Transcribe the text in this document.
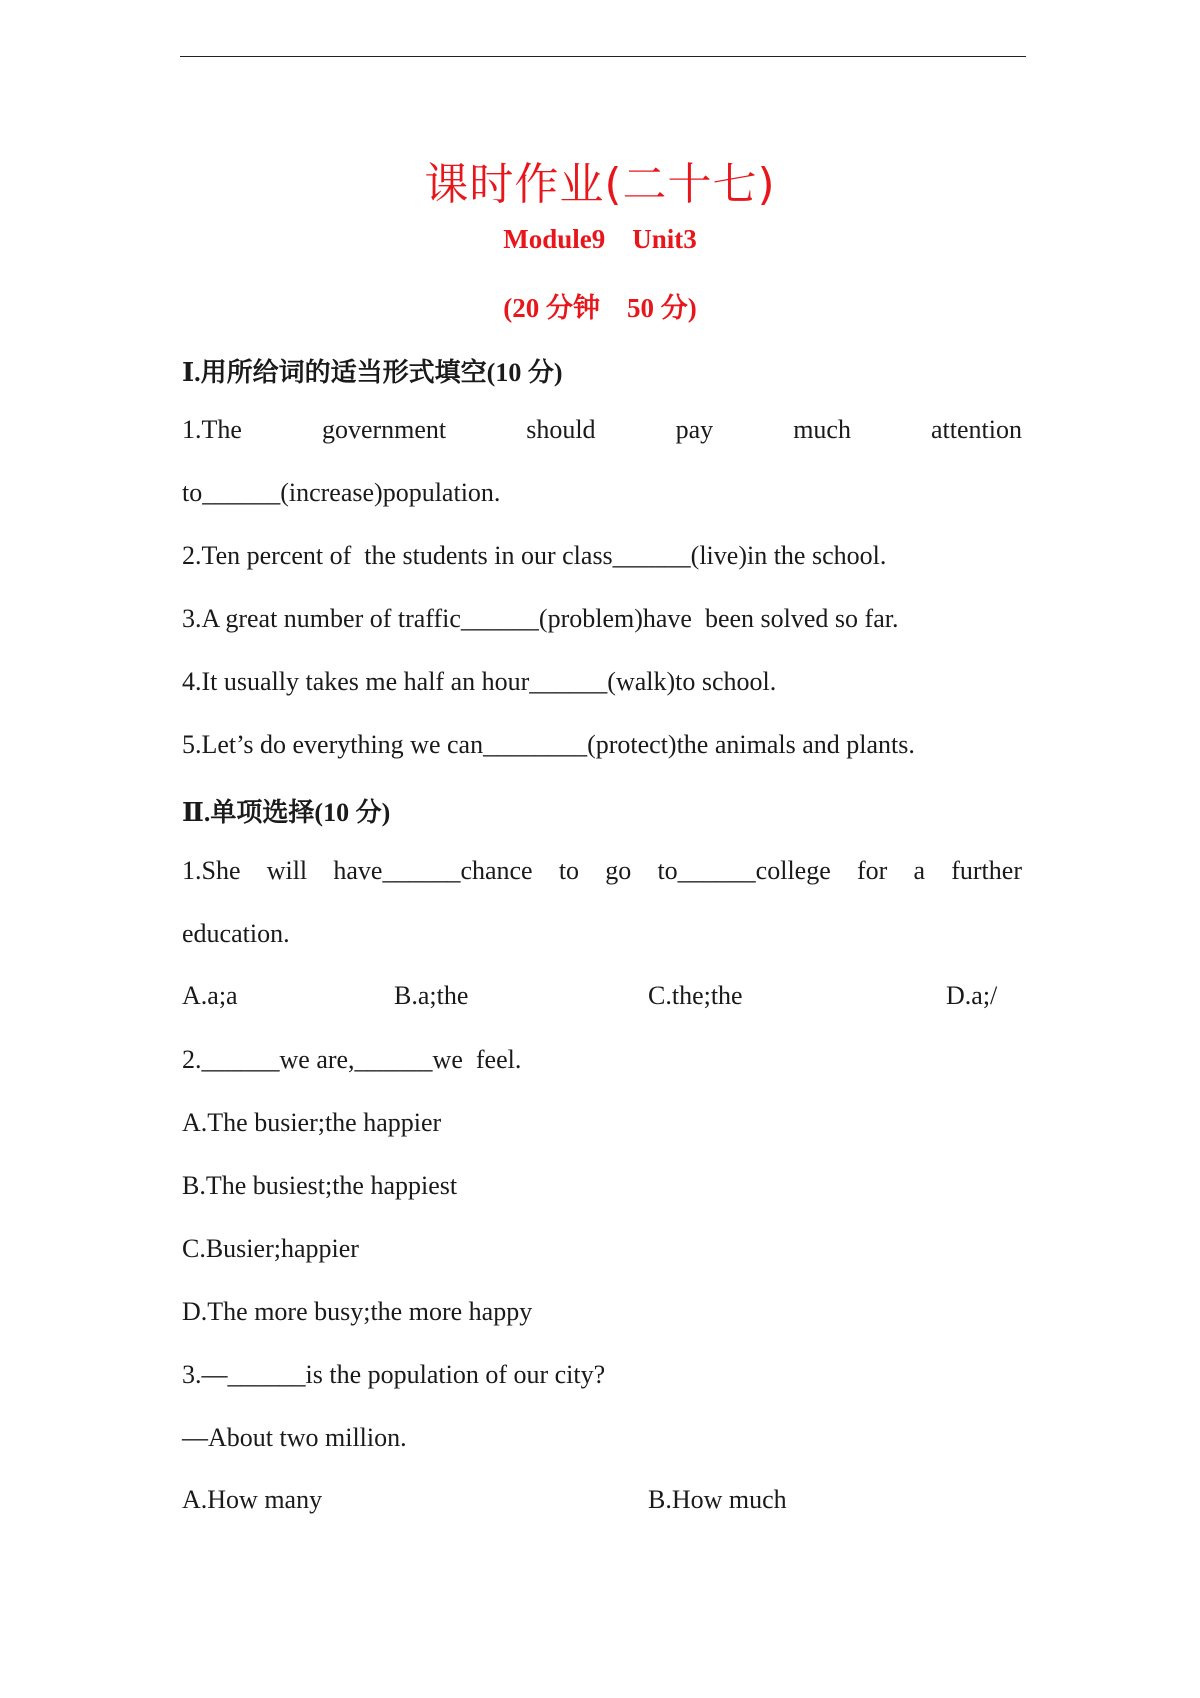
课时作业(二十七)
Module9    Unit3
(20 分钟    50 分)
Ⅰ.用所给词的适当形式填空(10 分)
1.The	government	should	pay	much	attention
to______(increase)population.
2.Ten percent of  the students in our class______(live)in the school.
3.A great number of traffic______(problem)have  been solved so far.
4.It usually takes me half an hour______(walk)to school.
5.Let’s do everything we can________(protect)the animals and plants.
Ⅱ.单项选择(10 分)
1.She will have______chance to go to______college for a further
education.
A.a;a	B.a;the	C.the;the	D.a;/
2.______we are,______we  feel.
A.The busier;the happier
B.The busiest;the happiest
C.Busier;happier
D.The more busy;the more happy
3.—______is the population of our city?
—About two million.
A.How many	B.How much
